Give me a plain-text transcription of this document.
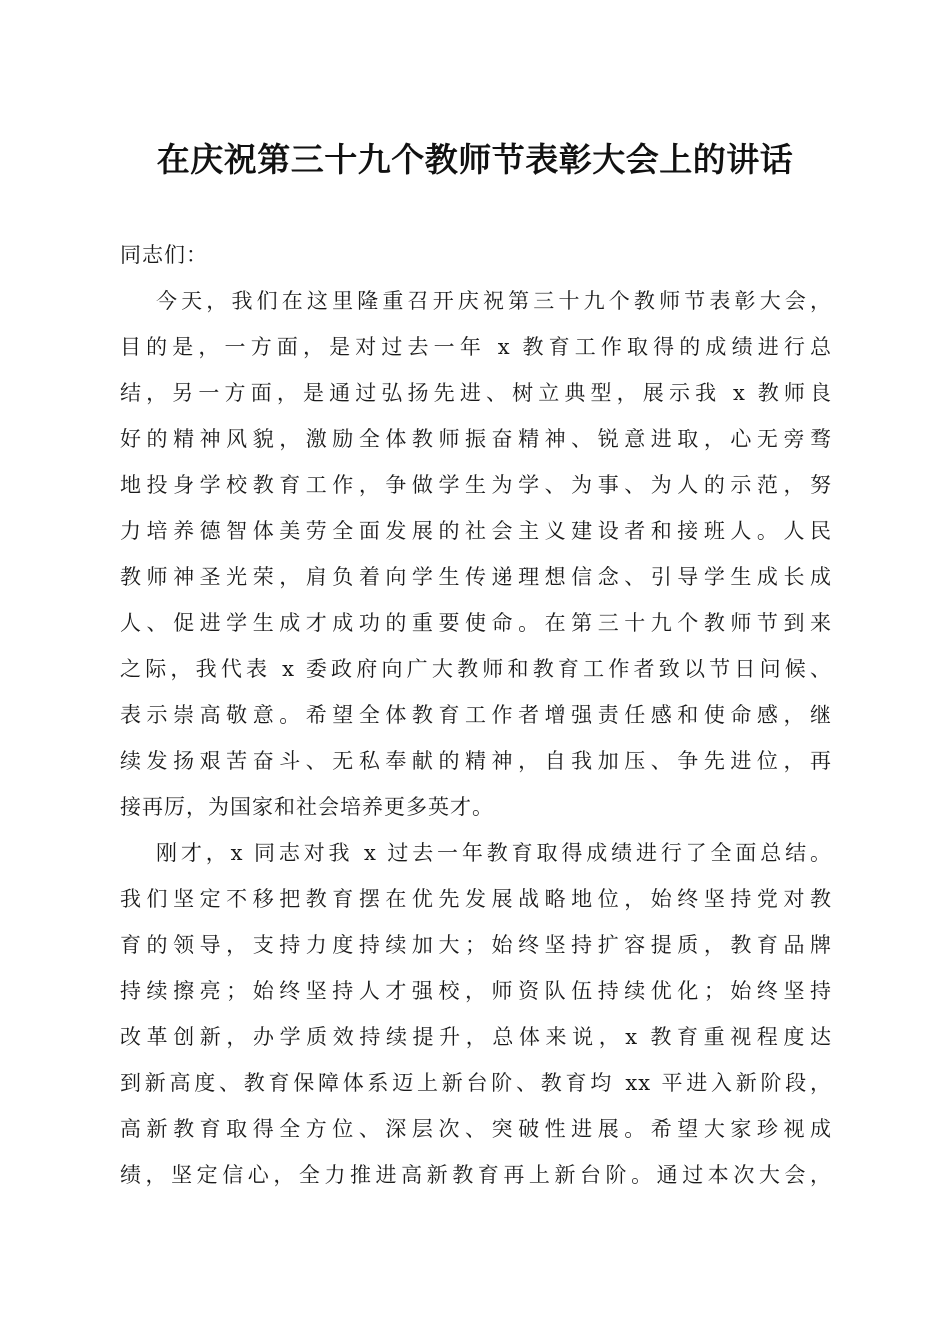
在庆祝第三十九个教师节表彰大会上的讲话
同志们：
今天，我们在这里隆重召开庆祝第三十九个教师节表彰大会，
目的是，一方面，是对过去一年 x 教育工作取得的成绩进行总
结，另一方面，是通过弘扬先进、树立典型，展示我 x 教师良
好的精神风貌，激励全体教师振奋精神、锐意进取，心无旁骛
地投身学校教育工作，争做学生为学、为事、为人的示范，努
力培养德智体美劳全面发展的社会主义建设者和接班人。人民
教师神圣光荣，肩负着向学生传递理想信念、引导学生成长成
人、促进学生成才成功的重要使命。在第三十九个教师节到来
之际，我代表 x 委政府向广大教师和教育工作者致以节日问候、
表示崇高敬意。希望全体教育工作者增强责任感和使命感，继
续发扬艰苦奋斗、无私奉献的精神，自我加压、争先进位，再
接再厉，为国家和社会培养更多英才。
刚才，x 同志对我 x 过去一年教育取得成绩进行了全面总结。
我们坚定不移把教育摆在优先发展战略地位，始终坚持党对教
育的领导，支持力度持续加大；始终坚持扩容提质，教育品牌
持续擦亮；始终坚持人才强校，师资队伍持续优化；始终坚持
改革创新，办学质效持续提升，总体来说，x 教育重视程度达
到新高度、教育保障体系迈上新台阶、教育均 xx 平进入新阶段，
高新教育取得全方位、深层次、突破性进展。希望大家珍视成
绩，坚定信心，全力推进高新教育再上新台阶。通过本次大会，
